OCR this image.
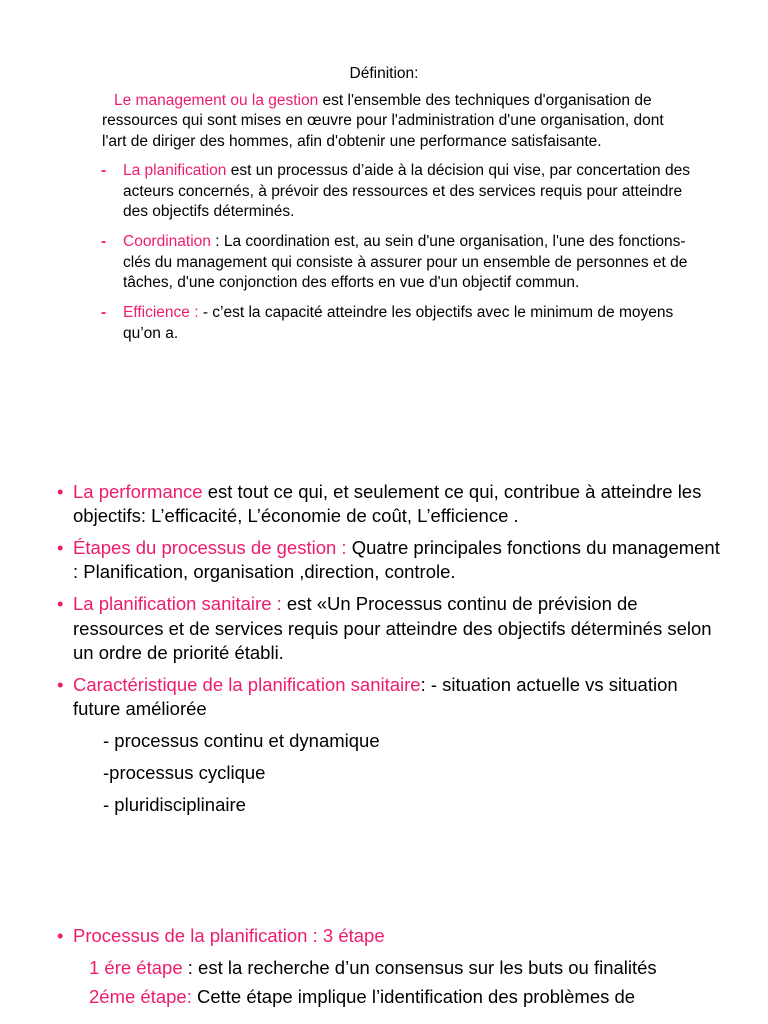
Définition:
Le management ou la gestion est l'ensemble des techniques d'organisation de ressources qui sont mises en œuvre pour l'administration d'une organisation, dont l'art de diriger des hommes, afin d'obtenir une performance satisfaisante.
- La planification est un processus d’aide à la décision qui vise, par concertation des acteurs concernés, à prévoir des ressources et des services requis pour atteindre des objectifs déterminés.
- Coordination : La coordination est, au sein d'une organisation, l'une des fonctions-clés du management qui consiste à assurer pour un ensemble de personnes et de tâches, d'une conjonction des efforts en vue d'un objectif commun.
- Efficience : - c’est la capacité atteindre les objectifs avec le minimum de moyens qu’on a.
• La performance est tout ce qui, et seulement ce qui, contribue à atteindre les objectifs: L’efficacité, L’économie de coût, L’efficience .
• Étapes du processus de gestion : Quatre principales fonctions du management : Planification, organisation ,direction, controle.
• La planification sanitaire : est «Un Processus continu de prévision de ressources et de services requis pour atteindre des objectifs déterminés selon un ordre de priorité établi.
• Caractéristique de la planification sanitaire: - situation actuelle vs situation future améliorée
- processus continu et dynamique
-processus cyclique
- pluridisciplinaire
• Processus de la planification : 3 étape
1 ére étape : est la recherche d’un consensus sur les buts ou finalités
2éme étape: Cette étape implique l’identification des problèmes de
